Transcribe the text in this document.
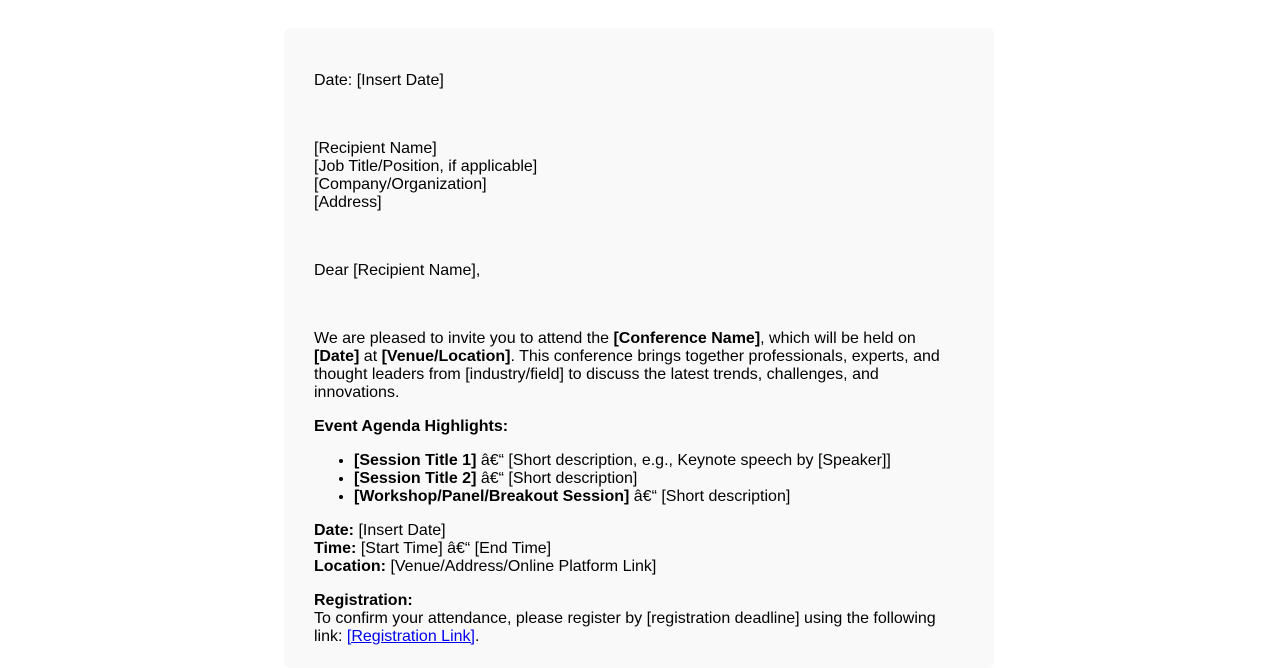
Date: [Insert Date]

[Recipient Name]

[Job Title/Position, if applicable]

[Company/Organization]

[Address]

Dear [Recipient Name],

We are pleased to invite you to attend the [Conference Name], which will be held on [Date] at [Venue/Location]. This conference brings together professionals, experts, and thought leaders from [industry/field] to discuss the latest trends, challenges, and innovations.

Event Agenda Highlights:

• [Session Title 1] â€“ [Short description, e.g., Keynote speech by [Speaker]]
• [Session Title 2] â€“ [Short description]
• [Workshop/Panel/Breakout Session] â€“ [Short description]

Date: [Insert Date]
Time: [Start Time] â€“ [End Time]
Location: [Venue/Address/Online Platform Link]

Registration:
To confirm your attendance, please register by [registration deadline] using the following link: [Registration Link].
